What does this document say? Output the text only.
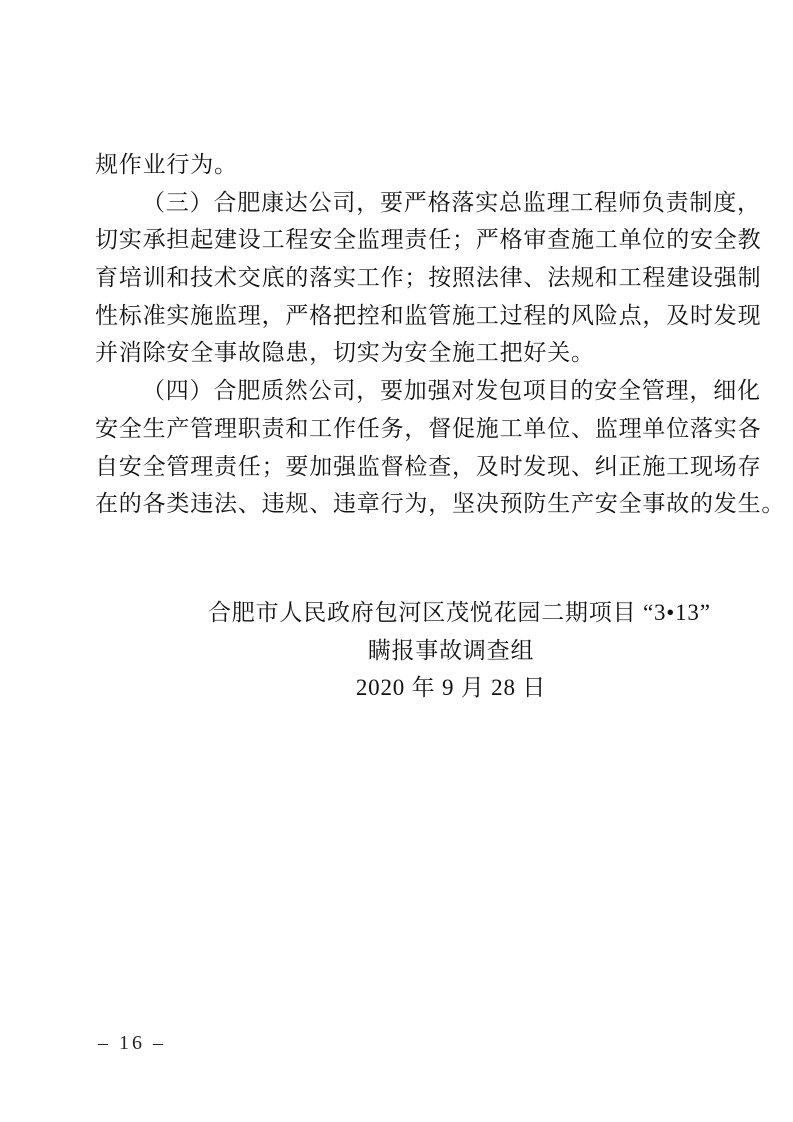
规作业行为。
（三）合肥康达公司，要严格落实总监理工程师负责制度，
切实承担起建设工程安全监理责任；严格审查施工单位的安全教
育培训和技术交底的落实工作；按照法律、法规和工程建设强制
性标准实施监理，严格把控和监管施工过程的风险点，及时发现
并消除安全事故隐患，切实为安全施工把好关。
（四）合肥质然公司，要加强对发包项目的安全管理，细化
安全生产管理职责和工作任务，督促施工单位、监理单位落实各
自安全管理责任；要加强监督检查，及时发现、纠正施工现场存
在的各类违法、违规、违章行为，坚决预防生产安全事故的发生。
合肥市人民政府包河区茂悦花园二期项目 “3•13”
瞒报事故调查组
2020 年 9 月 28 日
– 16 –
